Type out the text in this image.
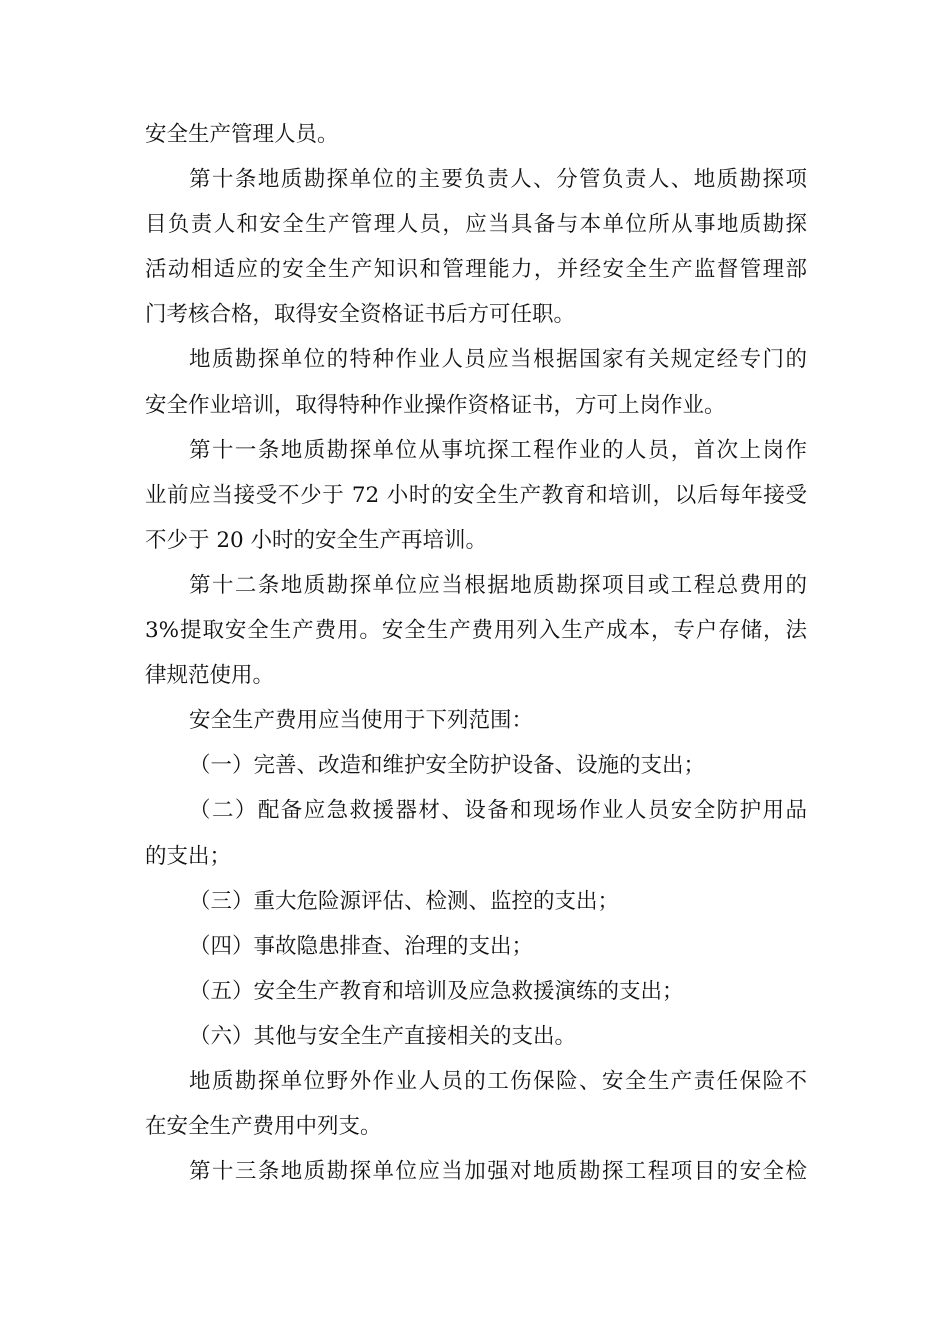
安全生产管理人员。
第十条地质勘探单位的主要负责人、分管负责人、地质勘探项
目负责人和安全生产管理人员，应当具备与本单位所从事地质勘探
活动相适应的安全生产知识和管理能力，并经安全生产监督管理部
门考核合格，取得安全资格证书后方可任职。
地质勘探单位的特种作业人员应当根据国家有关规定经专门的
安全作业培训，取得特种作业操作资格证书，方可上岗作业。
第十一条地质勘探单位从事坑探工程作业的人员，首次上岗作
业前应当接受不少于 72 小时的安全生产教育和培训，以后每年接受
不少于 20 小时的安全生产再培训。
第十二条地质勘探单位应当根据地质勘探项目或工程总费用的
3%提取安全生产费用。安全生产费用列入生产成本，专户存储，法
律规范使用。
安全生产费用应当使用于下列范围：
（一）完善、改造和维护安全防护设备、设施的支出；
（二）配备应急救援器材、设备和现场作业人员安全防护用品
的支出；
（三）重大危险源评估、检测、监控的支出；
（四）事故隐患排查、治理的支出；
（五）安全生产教育和培训及应急救援演练的支出；
（六）其他与安全生产直接相关的支出。
地质勘探单位野外作业人员的工伤保险、安全生产责任保险不
在安全生产费用中列支。
第十三条地质勘探单位应当加强对地质勘探工程项目的安全检
